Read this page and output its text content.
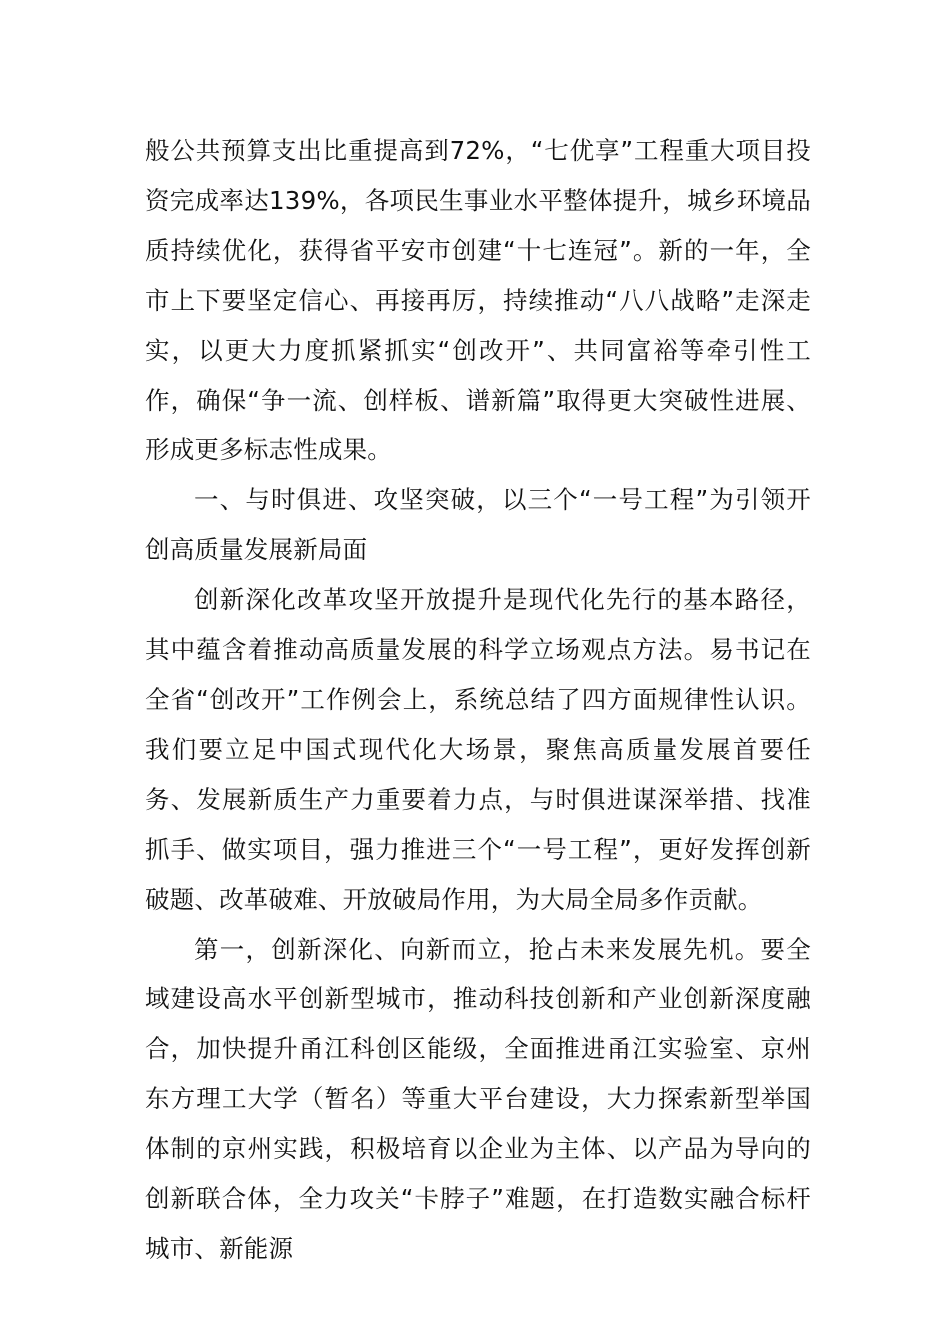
般公共预算支出比重提高到72%，“七优享”工程重大项目投资完成率达139%，各项民生事业水平整体提升，城乡环境品质持续优化，获得省平安市创建“十七连冠”。新的一年，全市上下要坚定信心、再接再厉，持续推动“八八战略”走深走实，以更大力度抓紧抓实“创改开”、共同富裕等牵引性工作，确保“争一流、创样板、谱新篇”取得更大突破性进展、形成更多标志性成果。

一、与时俱进、攻坚突破，以三个“一号工程”为引领开创高质量发展新局面

创新深化改革攻坚开放提升是现代化先行的基本路径，其中蕴含着推动高质量发展的科学立场观点方法。易书记在全省“创改开”工作例会上，系统总结了四方面规律性认识。我们要立足中国式现代化大场景，聚焦高质量发展首要任务、发展新质生产力重要着力点，与时俱进谋深举措、找准抓手、做实项目，强力推进三个“一号工程”，更好发挥创新破题、改革破难、开放破局作用，为大局全局多作贡献。

第一，创新深化、向新而立，抢占未来发展先机。要全域建设高水平创新型城市，推动科技创新和产业创新深度融合，加快提升甬江科创区能级，全面推进甬江实验室、京州东方理工大学（暂名）等重大平台建设，大力探索新型举国体制的京州实践，积极培育以企业为主体、以产品为导向的创新联合体，全力攻关“卡脖子”难题，在打造数实融合标杆城市、新能源
